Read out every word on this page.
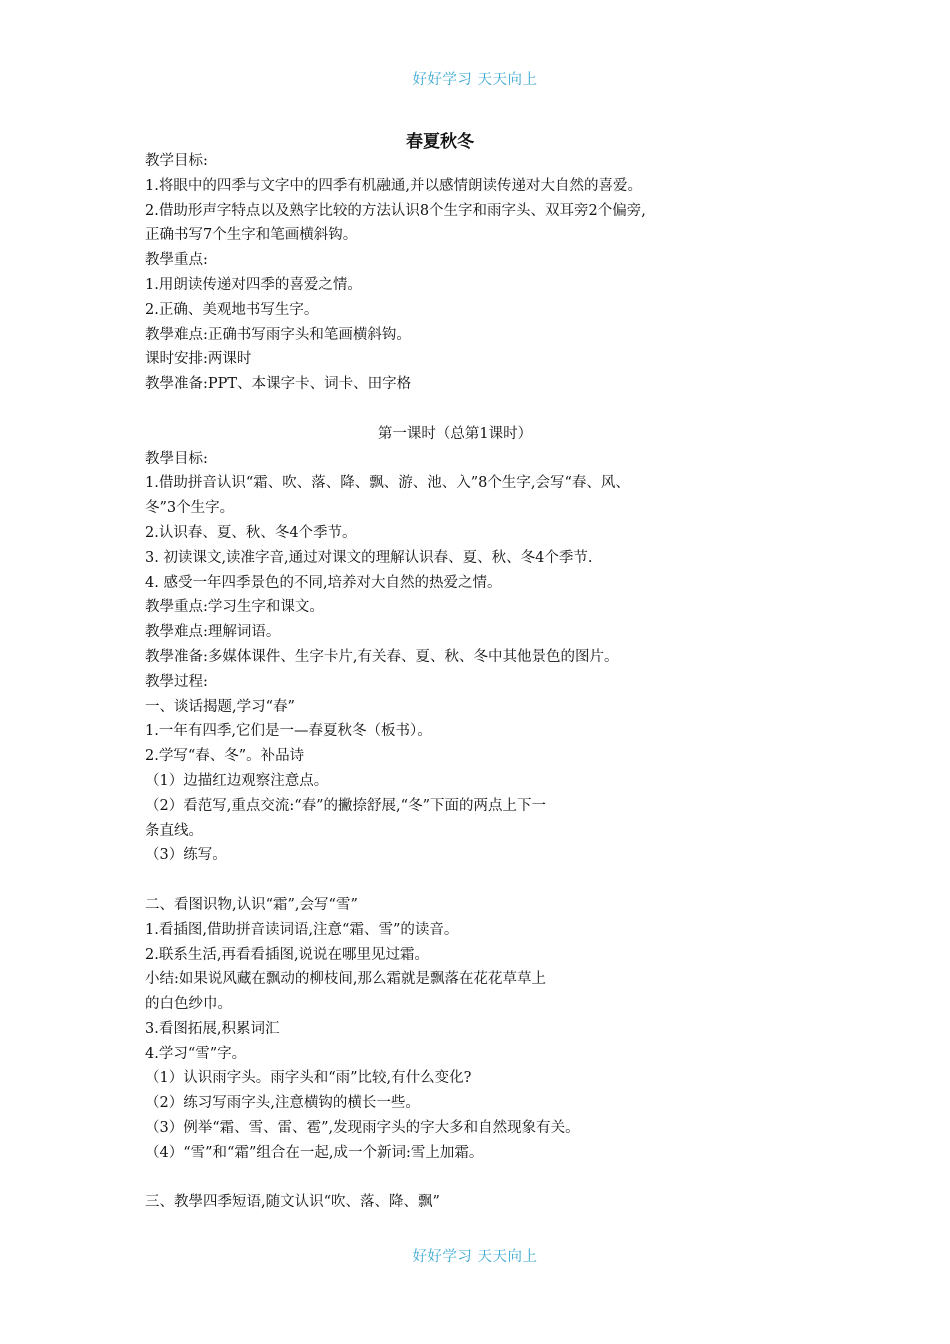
好好学习 天天向上
春夏秋冬
教学目标:
1.将眼中的四季与文字中的四季有机融通,并以感情朗读传递对大自然的喜爱。
2.借助形声字特点以及熟字比较的方法认识8个生字和雨字头、双耳旁2个偏旁,
正确书写7个生字和笔画横斜钩。
教學重点:
1.用朗读传递对四季的喜爱之情。
2.正确、美观地书写生字。
教學难点:正确书写雨字头和笔画横斜钩。
课时安排:两课时
教學准备:PPT、本课字卡、词卡、田字格
第一课时（总第1课时）
教學目标:
1.借助拼音认识“霜、吹、落、降、飘、游、池、入”8个生字,会写“春、风、
冬”3个生字。
2.认识春、夏、秋、冬4个季节。
3. 初读课文,读准字音,通过对课文的理解认识春、夏、秋、冬4个季节.
4. 感受一年四季景色的不同,培养对大自然的热爱之情。
教學重点:学习生字和课文。
教學难点:理解词语。
教學准备:多媒体课件、生字卡片,有关春、夏、秋、冬中其他景色的图片。
教學过程:
一、谈话揭题,学习“春”
1.一年有四季,它们是一—春夏秋冬（板书）。
2.学写“春、冬”。补品诗
（1）边描红边观察注意点。
（2）看范写,重点交流:“春”的撇捺舒展,“冬”下面的两点上下一
条直线。
（3）练写。
二、看图识物,认识“霜”,会写“雪”
1.看插图,借助拼音读词语,注意“霜、雪”的读音。
2.联系生活,再看看插图,说说在哪里见过霜。
小结:如果说风藏在飘动的柳枝间,那么霜就是飘落在花花草草上
的白色纱巾。
3.看图拓展,积累词汇
4.学习“雪”字。
（1）认识雨字头。雨字头和“雨”比较,有什么变化?
（2）练习写雨字头,注意横钩的横长一些。
（3）例举“霜、雪、雷、雹”,发现雨字头的字大多和自然现象有关。
（4）“雪”和“霜”组合在一起,成一个新词:雪上加霜。
三、教學四季短语,随文认识“吹、落、降、飘”
好好学习 天天向上
